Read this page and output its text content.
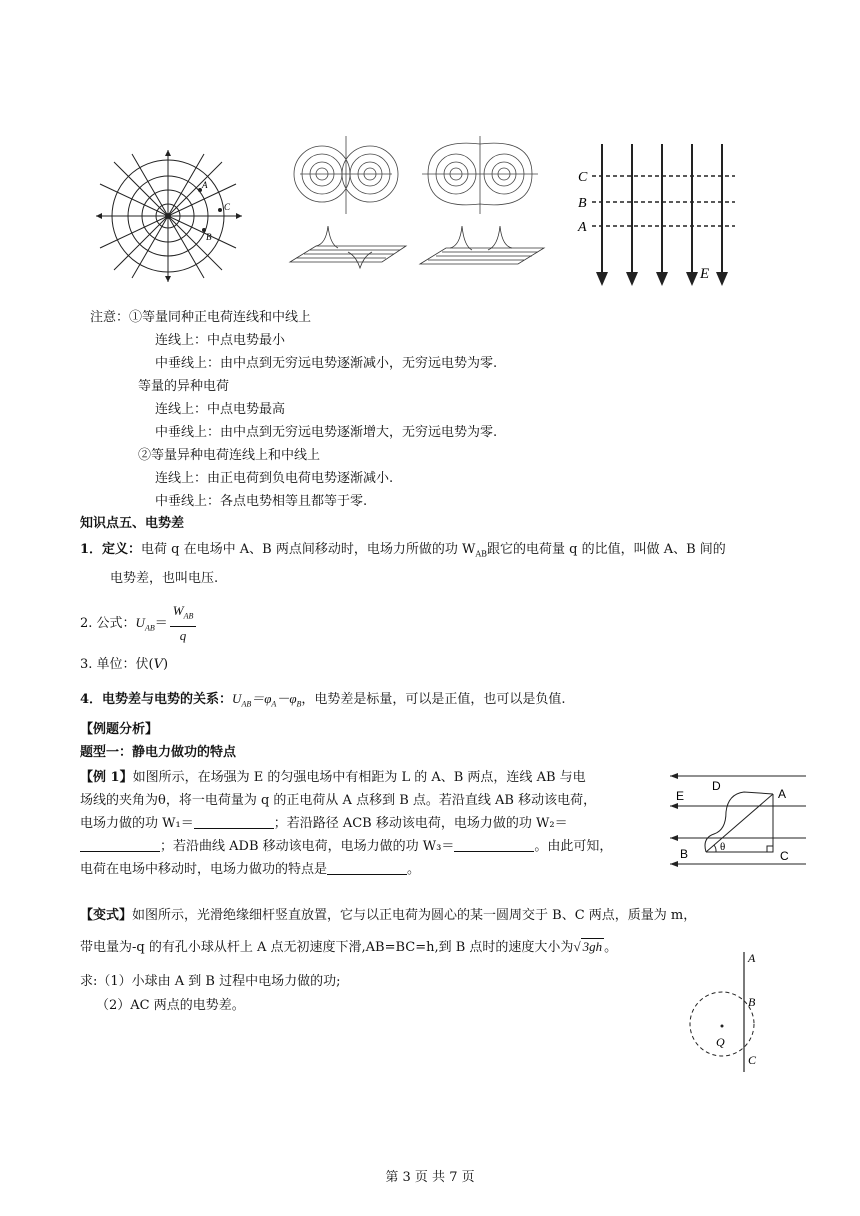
A
C
B
C
B
A
E
注意：①等量同种正电荷连线和中线上
连线上：中点电势最小
中垂线上：由中点到无穷远电势逐渐减小，无穷远电势为零.
等量的异种电荷
连线上：中点电势最高
中垂线上：由中点到无穷远电势逐渐增大，无穷远电势为零.
②等量异种电荷连线上和中线上
连线上：由正电荷到负电荷电势逐渐减小.
中垂线上：各点电势相等且都等于零.
知识点五、电势差
1．定义：电荷 q 在电场中 A、B 两点间移动时，电场力所做的功 $W_{AB}$跟它的电荷量 q 的比值，叫做 A、B 间的
电势差，也叫电压.
2. 公式：$U_{AB}= \frac{W_{AB}}{q}$
3. 单位：伏(V)
4．电势差与电势的关系：$U_{AB}=\varphi_A-\varphi_B$，电势差是标量，可以是正值，也可以是负值.
【例题分析】
题型一：静电力做功的特点
【例 1】如图所示，在场强为 E 的匀强电场中有相距为 L 的 A、B 两点，连线 AB 与电
场线的夹角为θ，将一电荷量为 q 的正电荷从 A 点移到 B 点。若沿直线 AB 移动该电荷，
电场力做的功 W₁＝	；若沿路径 ACB 移动该电荷，电场力做的功 W₂＝
；若沿曲线 ADB 移动该电荷，电场力做的功 W₃＝	。由此可知，
电荷在电场中移动时，电场力做功的特点是	。
E
D
A
B	θ
C
【变式】如图所示，光滑绝缘细杆竖直放置，它与以正电荷为圆心的某一圆周交于 B、C 两点，质量为 m，
带电量为-q 的有孔小球从杆上 A 点无初速度下滑,AB=BC=h,到 B 点时的速度大小为√ 3gh 。
求:（1）小球由 A 到 B 过程中电场力做的功;
（2）AC 两点的电势差。
A
B
Q
C
第 3 页 共 7 页
